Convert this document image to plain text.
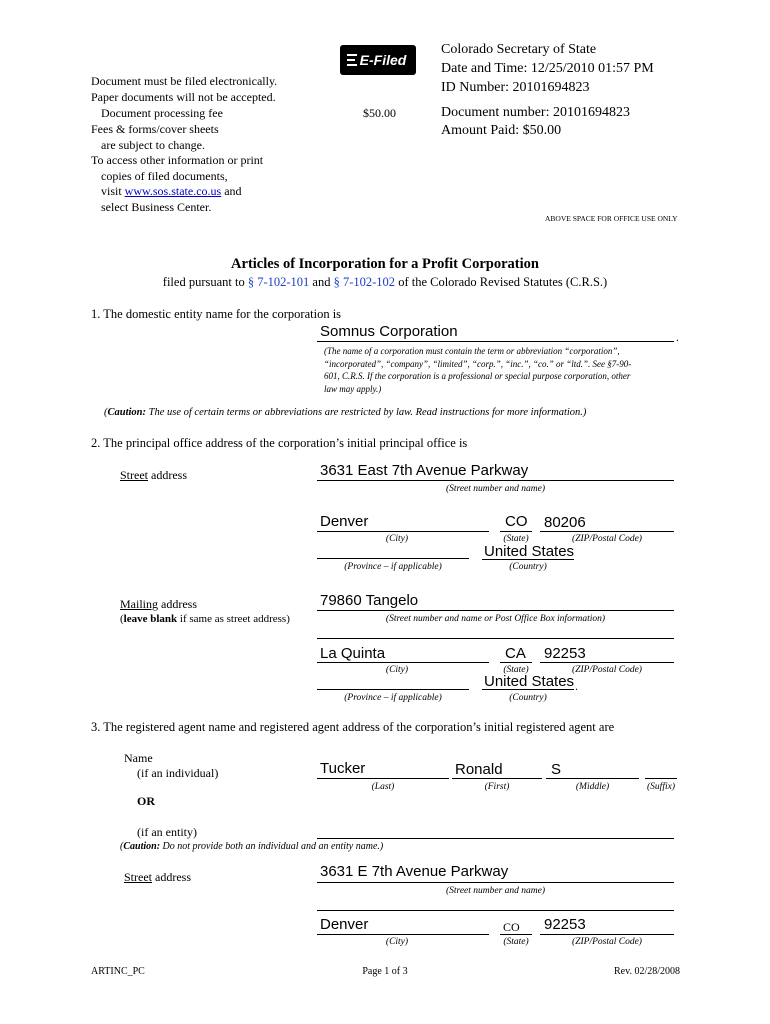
E-Filed
Document must be filed electronically.
Paper documents will not be accepted.
Document processing fee
Fees & forms/cover sheets
are subject to change.
To access other information or print
copies of filed documents,
visit www.sos.state.co.us and
select Business Center.
$50.00
Colorado Secretary of State
Date and Time: 12/25/2010 01:57 PM
ID Number: 20101694823
Document number: 20101694823
Amount Paid: $50.00
ABOVE SPACE FOR OFFICE USE ONLY
Articles of Incorporation for a Profit Corporation
filed pursuant to § 7-102-101 and § 7-102-102 of the Colorado Revised Statutes (C.R.S.)
1. The domestic entity name for the corporation is
Somnus Corporation	.
(The name of a corporation must contain the term or abbreviation “corporation”,
“incorporated”, “company”, “limited”, “corp.”, “inc.”, “co.” or “ltd.”. See §7-90-
601, C.R.S. If the corporation is a professional or special purpose corporation, other
law may apply.)
(Caution: The use of certain terms or abbreviations are restricted by law. Read instructions for more information.)
2. The principal office address of the corporation’s initial principal office is
Street address	3631 East 7th Avenue Parkway
(Street number and name)
Denver	CO 80206
(City)	(State)	(ZIP/Postal Code)
United States
(Province – if applicable)	(Country)
Mailing address
(leave blank if same as street address)
79860 Tangelo
(Street number and name or Post Office Box information)
La Quinta	CA 92253
(City)	(State)	(ZIP/Postal Code)
United States .
(Province – if applicable)	(Country)
3. The registered agent name and registered agent address of the corporation’s initial registered agent are
Name
(if an individual)	Tucker	Ronald	S
(Last)	(First)	(Middle)	(Suffix)
OR
(if an entity)
(Caution: Do not provide both an individual and an entity name.)
Street address	3631 E 7th Avenue Parkway
(Street number and name)
Denver	CO 92253
(City)	(State)	(ZIP/Postal Code)
ARTINC_PC	Page 1 of 3	Rev. 02/28/2008
